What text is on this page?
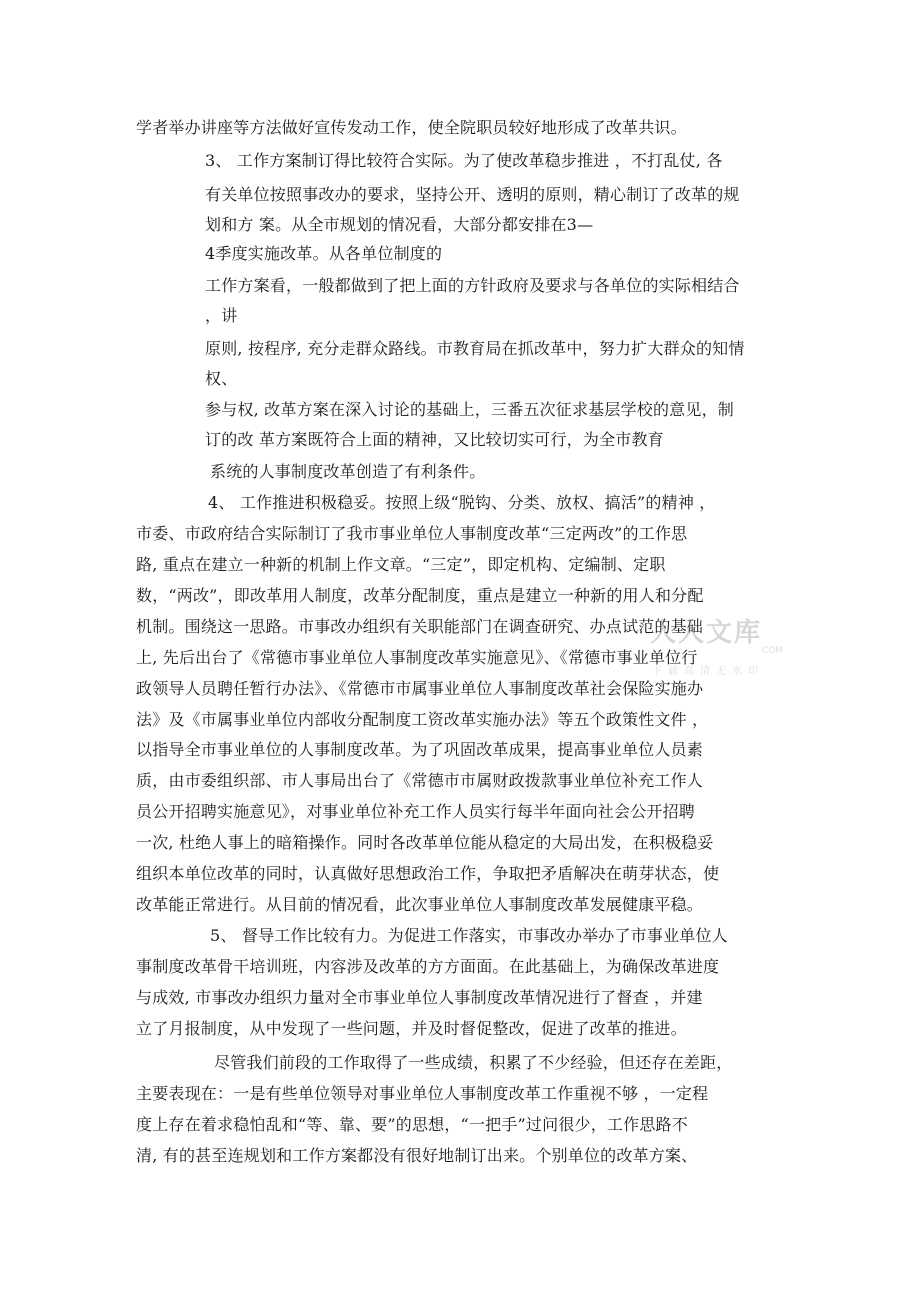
学者举办讲座等方法做好宣传发动工作，使全院职员较好地形成了改革共识。
3、 工作方案制订得比较符合实际。为了使改革稳步推进 ，不打乱仗, 各
有关单位按照事改办的要求，坚持公开、透明的原则，精心制订了改革的规
划和方 案。从全市规划的情况看，大部分都安排在3—
4季度实施改革。从各单位制度的
工作方案看，一般都做到了把上面的方针政府及要求与各单位的实际相结合
，讲
原则, 按程序, 充分走群众路线。市教育局在抓改革中，努力扩大群众的知情
权、
参与权, 改革方案在深入讨论的基础上，三番五次征求基层学校的意见，制
订的改 革方案既符合上面的精神，又比较切实可行，为全市教育
系统的人事制度改革创造了有利条件。
4、 工作推进积极稳妥。按照上级“脱钩、分类、放权、搞活”的精神 ，
市委、市政府结合实际制订了我市事业单位人事制度改革“三定两改”的工作思
路, 重点在建立一种新的机制上作文章。“三定”，即定机构、定编制、定职
数，“两改”，即改革用人制度，改革分配制度，重点是建立一种新的用人和分配
机制。围绕这一思路。市事改办组织有关职能部门在调查研究、办点试范的基础
上, 先后出台了《常德市事业单位人事制度改革实施意见》、《常德市事业单位行
政领导人员聘任暂行办法》、《常德市市属事业单位人事制度改革社会保险实施办
法》及《市属事业单位内部收分配制度工资改革实施办法》等五个政策性文件 ，
以指导全市事业单位的人事制度改革。为了巩固改革成果，提高事业单位人员素
质，由市委组织部、市人事局出台了《常德市市属财政拨款事业单位补充工作人
员公开招聘实施意见》，对事业单位补充工作人员实行每半年面向社会公开招聘
一次, 杜绝人事上的暗箱操作。同时各改革单位能从稳定的大局出发，在积极稳妥
组织本单位改革的同时，认真做好思想政治工作，争取把矛盾解决在萌芽状态，使
改革能正常进行。从目前的情况看，此次事业单位人事制度改革发展健康平稳。
5、 督导工作比较有力。为促进工作落实，市事改办举办了市事业单位人
事制度改革骨干培训班，内容涉及改革的方方面面。在此基础上，为确保改革进度
与成效, 市事改办组织力量对全市事业单位人事制度改革情况进行了督查 ，并建
立了月报制度，从中发现了一些问题，并及时督促整改，促进了改革的推进。
尽管我们前段的工作取得了一些成绩，积累了不少经验，但还存在差距，
主要表现在：一是有些单位领导对事业单位人事制度改革工作重视不够 ，一定程
度上存在着求稳怕乱和“等、靠、要”的思想，“一把手”过问很少，工作思路不
清, 有的甚至连规划和工作方案都没有很好地制订出来。个别单位的改革方案、
人人文库
COM
下载高清无水印
